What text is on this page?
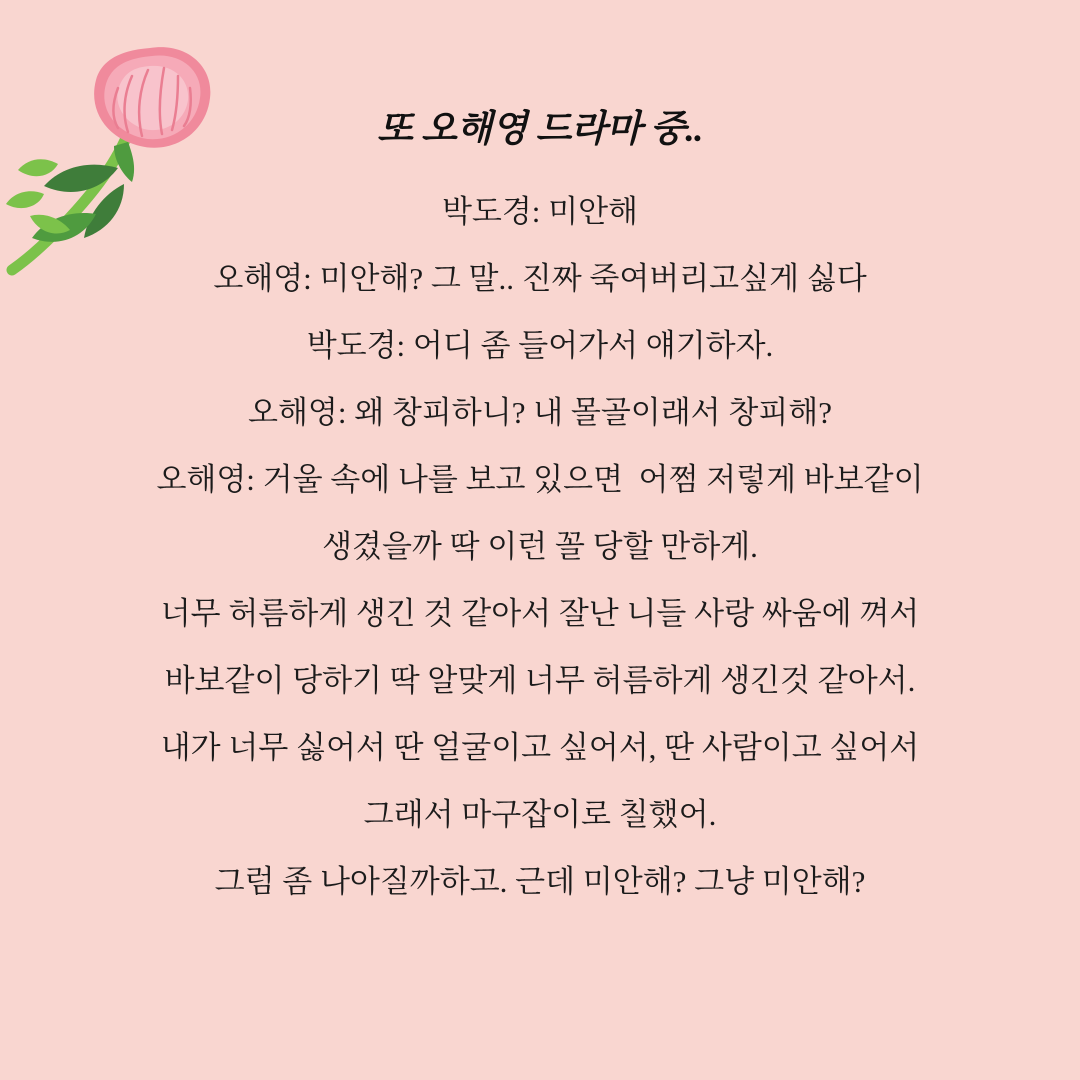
또 오해영 드라마 중..

박도경: 미안해

오해영: 미안해? 그 말.. 진짜 죽여버리고싶게 싫다

박도경: 어디 좀 들어가서 얘기하자.

오해영: 왜 창피하니? 내 몰골이래서 창피해?

오해영: 거울 속에 나를 보고 있으면  어쩜 저렇게 바보같이

생겼을까 딱 이런 꼴 당할 만하게.

너무 허름하게 생긴 것 같아서 잘난 니들 사랑 싸움에 껴서

바보같이 당하기 딱 알맞게 너무 허름하게 생긴것 같아서.

내가 너무 싫어서 딴 얼굴이고 싶어서, 딴 사람이고 싶어서

그래서 마구잡이로 칠했어.

그럼 좀 나아질까하고. 근데 미안해? 그냥 미안해?
